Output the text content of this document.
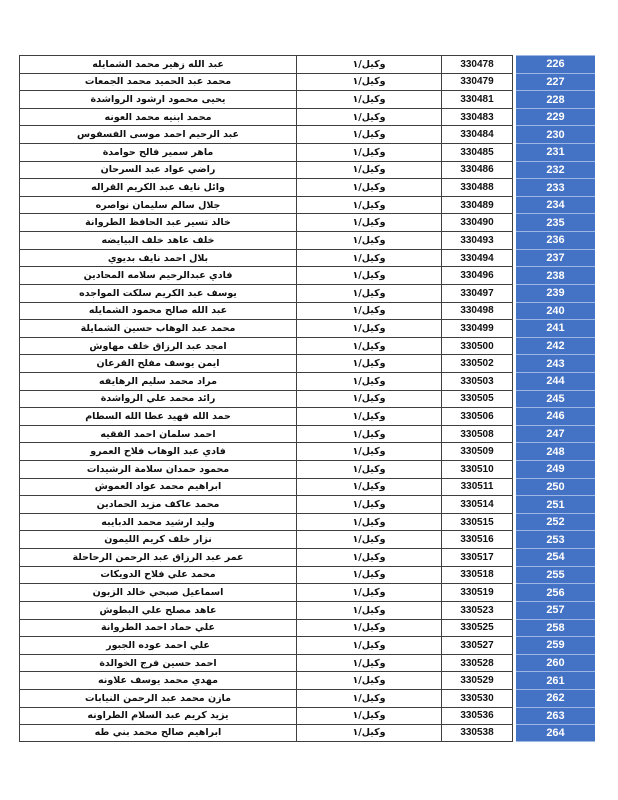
عبد الله زهير محمد الشمايله	وكيل/١	330478	226
محمد عبد الحميد محمد الجمعات	وكيل/١	330479	227
يحيى محمود ارشود الرواشدة	وكيل/١	330481	228
محمد ابنيه محمد العونه	وكيل/١	330483	229
عبد الرحيم احمد موسى الفسفوس	وكيل/١	330484	230
ماهر سمير فالح حوامدة	وكيل/١	330485	231
راضي عواد عبد السرحان	وكيل/١	330486	232
وائل نايف عبد الكريم القراله	وكيل/١	330488	233
جلال سالم سليمان نواصره	وكيل/١	330489	234
خالد تسير عبد الحافظ الطروانة	وكيل/١	330490	235
خلف عاهد خلف البيايضه	وكيل/١	330493	236
بلال احمد نايف بديوي	وكيل/١	330494	237
فادي عبدالرحيم سلامه المحادين	وكيل/١	330496	238
يوسف عبد الكريم سلكت المواجده	وكيل/١	330497	239
عبد الله صالح محمود الشمايله	وكيل/١	330498	240
محمد عبد الوهاب حسين الشمايلة	وكيل/١	330499	241
امجد عبد الرزاق خلف مهاوش	وكيل/١	330500	242
ايمن يوسف مفلح القرعان	وكيل/١	330502	243
مراد محمد سليم الرهايفه	وكيل/١	330503	244
رائد محمد علي الرواشدة	وكيل/١	330505	245
حمد الله فهيد عطا الله السطام	وكيل/١	330506	246
احمد سلمان احمد الفقيه	وكيل/١	330508	247
فادي عبد الوهاب فلاح العمرو	وكيل/١	330509	248
محمود حمدان سلامة الرشيدات	وكيل/١	330510	249
ابراهيم محمد عواد العموش	وكيل/١	330511	250
محمد عاكف مزيد الحمادين	وكيل/١	330514	251
وليد ارشيد محمد الدبايبه	وكيل/١	330515	252
نزار خلف كريم الليمون	وكيل/١	330516	253
عمر عبد الرزاق عبد الرحمن الرحاحلة	وكيل/١	330517	254
محمد علي فلاح الدويكات	وكيل/١	330518	255
اسماعيل صبحي خالد الزبون	وكيل/١	330519	256
عاهد مصلح علي البطوش	وكيل/١	330523	257
علي حماد احمد الطروانة	وكيل/١	330525	258
علي احمد عوده الجبور	وكيل/١	330527	259
احمد حسين فرج الخوالدة	وكيل/١	330528	260
مهدي محمد يوسف علاونه	وكيل/١	330529	261
مازن محمد عبد الرحمن النيابات	وكيل/١	330530	262
يزيد كريم عبد السلام الطراونه	وكيل/١	330536	263
ابراهيم صالح محمد بني طه	وكيل/١	330538	264
